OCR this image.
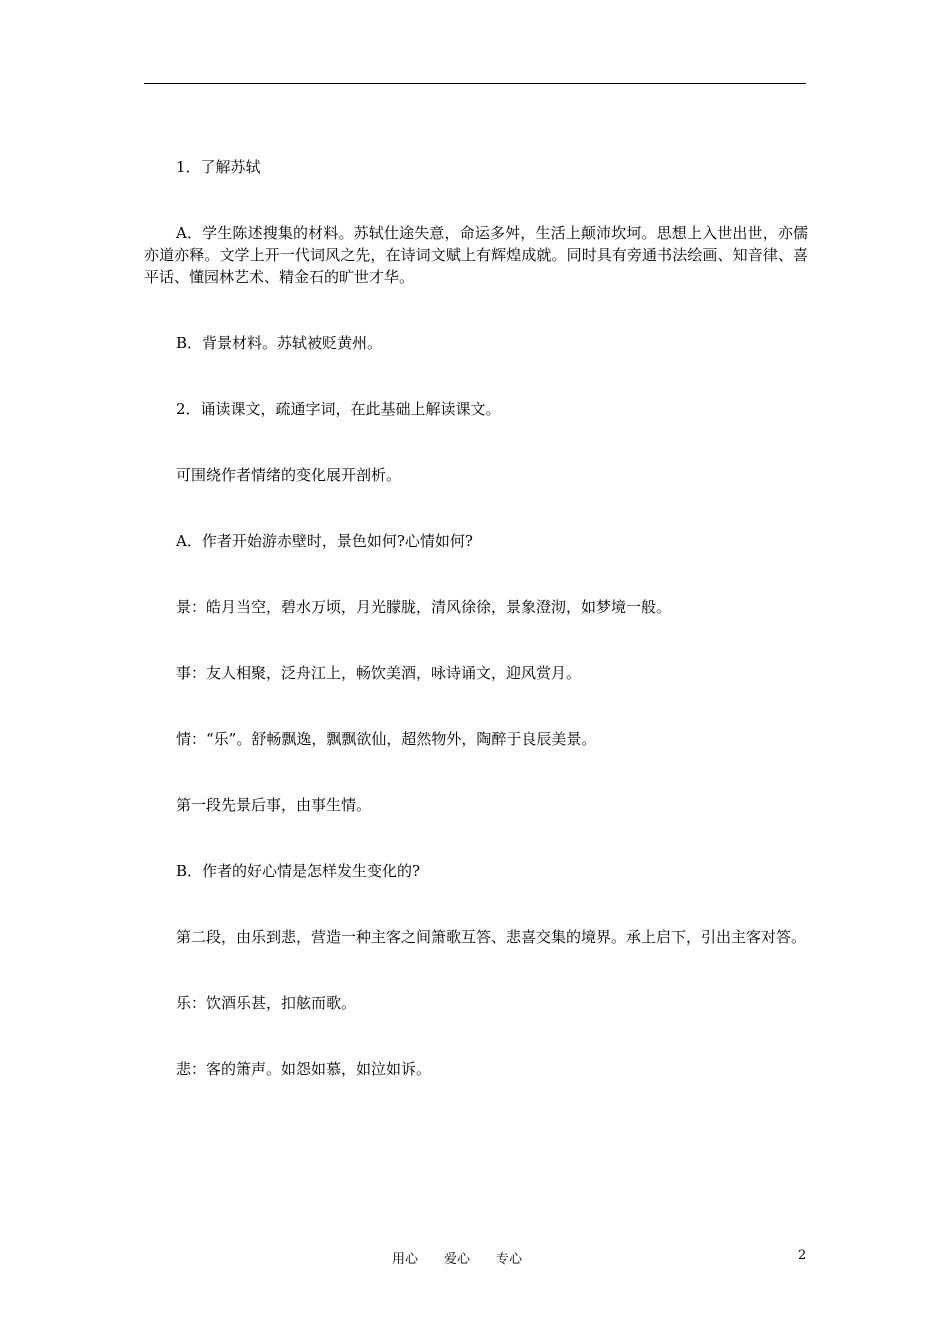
1．了解苏轼

A．学生陈述搜集的材料。苏轼仕途失意，命运多舛，生活上颠沛坎坷。思想上入世出世，亦儒亦道亦释。文学上开一代词风之先，在诗词文赋上有辉煌成就。同时具有旁通书法绘画、知音律、喜平话、懂园林艺术、精金石的旷世才华。

B．背景材料。苏轼被贬黄州。

2．诵读课文，疏通字词，在此基础上解读课文。

可围绕作者情绪的变化展开剖析。

A．作者开始游赤壁时，景色如何?心情如何?

景：皓月当空，碧水万顷，月光朦胧，清风徐徐，景象澄沏，如梦境一般。

事：友人相聚，泛舟江上，畅饮美酒，咏诗诵文，迎风赏月。

情：“乐”。舒畅飘逸，飘飘欲仙，超然物外，陶醉于良辰美景。

第一段先景后事，由事生情。

B．作者的好心情是怎样发生变化的?

第二段，由乐到悲，营造一种主客之间箫歌互答、悲喜交集的境界。承上启下，引出主客对答。

乐：饮酒乐甚，扣舷而歌。

悲：客的箫声。如怨如慕，如泣如诉。

用心 爱心 专心	2
